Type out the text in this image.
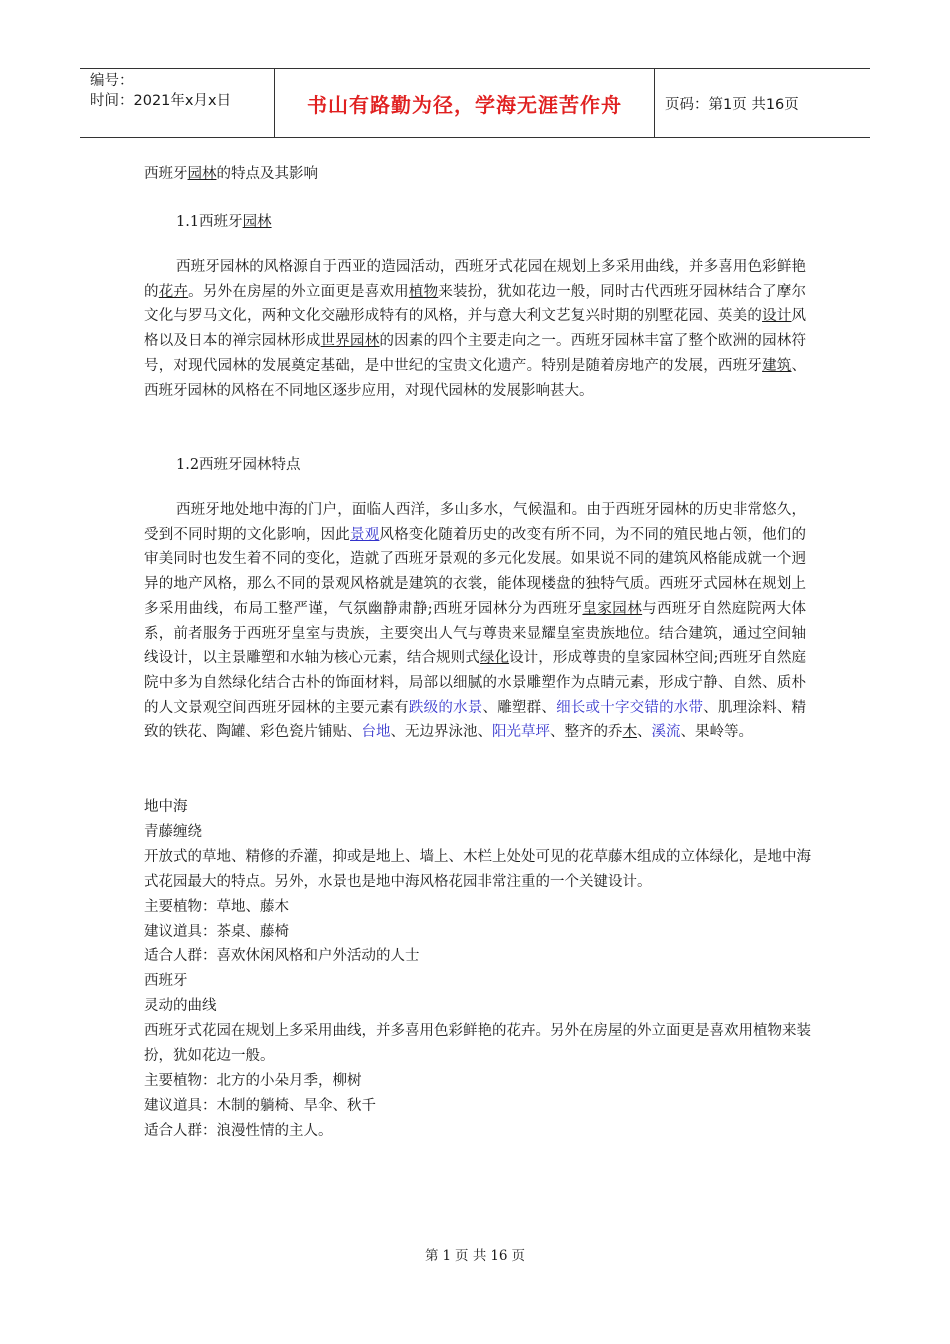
编号：
时间：2021年x月x日	书山有路勤为径，学海无涯苦作舟	页码：第1页 共16页
西班牙园林的特点及其影响
1.1西班牙园林
西班牙园林的风格源自于西亚的造园活动，西班牙式花园在规划上多采用曲线，并多喜用色彩鲜艳的花卉。另外在房屋的外立面更是喜欢用植物来装扮，犹如花边一般，同时古代西班牙园林结合了摩尔文化与罗马文化，两种文化交融形成特有的风格，并与意大利文艺复兴时期的别墅花园、英美的设计风格以及日本的禅宗园林形成世界园林的因素的四个主要走向之一。西班牙园林丰富了整个欧洲的园林符号，对现代园林的发展奠定基础，是中世纪的宝贵文化遗产。特别是随着房地产的发展，西班牙建筑、西班牙园林的风格在不同地区逐步应用，对现代园林的发展影响甚大。
1.2西班牙园林特点
西班牙地处地中海的门户，面临人西洋，多山多水，气候温和。由于西班牙园林的历史非常悠久，受到不同时期的文化影响，因此景观风格变化随着历史的改变有所不同，为不同的殖民地占领，他们的审美同时也发生着不同的变化，造就了西班牙景观的多元化发展。如果说不同的建筑风格能成就一个迥异的地产风格，那么不同的景观风格就是建筑的衣裳，能体现楼盘的独特气质。西班牙式园林在规划上多采用曲线，布局工整严谨，气氛幽静肃静;西班牙园林分为西班牙皇家园林与西班牙自然庭院两大体系，前者服务于西班牙皇室与贵族，主要突出人气与尊贵来显耀皇室贵族地位。结合建筑，通过空间轴线设计，以主景雕塑和水轴为核心元素，结合规则式绿化设计，形成尊贵的皇家园林空间;西班牙自然庭院中多为自然绿化结合古朴的饰面材料，局部以细腻的水景雕塑作为点睛元素，形成宁静、自然、质朴的人文景观空间西班牙园林的主要元素有跌级的水景、雕塑群、细长或十字交错的水带、肌理涂料、精致的铁花、陶罐、彩色瓷片铺贴、台地、无边界泳池、阳光草坪、整齐的乔木、溪流、果岭等。
地中海
青藤缠绕
开放式的草地、精修的乔灌，抑或是地上、墙上、木栏上处处可见的花草藤木组成的立体绿化，是地中海式花园最大的特点。另外，水景也是地中海风格花园非常注重的一个关键设计。
主要植物：草地、藤木
建议道具：茶桌、藤椅
适合人群：喜欢休闲风格和户外活动的人士
西班牙
灵动的曲线
西班牙式花园在规划上多采用曲线，并多喜用色彩鲜艳的花卉。另外在房屋的外立面更是喜欢用植物来装扮，犹如花边一般。
主要植物：北方的小朵月季，柳树
建议道具：木制的躺椅、旱伞、秋千
适合人群：浪漫性情的主人。
第 1 页 共 16 页
